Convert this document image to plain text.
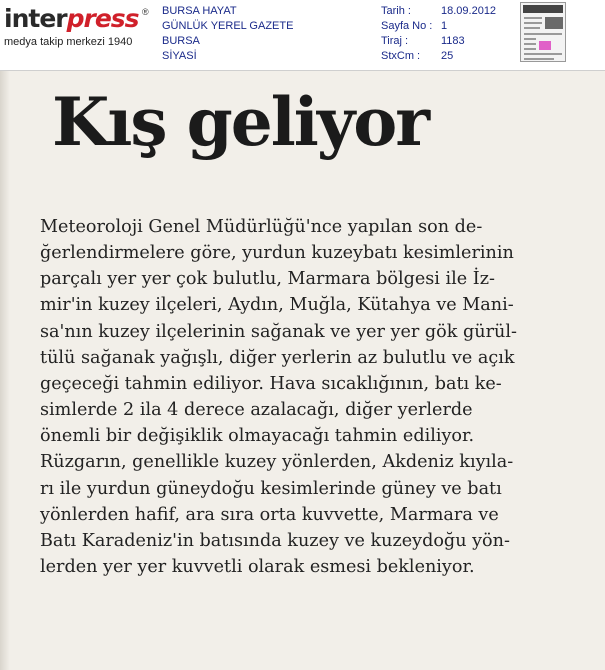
inter press ®
medya takip merkezi 1940
BURSA HAYAT
GÜNLÜK YEREL GAZETE
BURSA
SİYASİ
Tarih :	18.09.2012
Sayfa No : 1
Tiraj :	1183
StxCm :	25
Kış geliyor
Meteoroloji Genel Müdürlüğü'nce yapılan son de-
ğerlendirmelere göre, yurdun kuzeybatı kesimlerinin
parçalı yer yer çok bulutlu, Marmara bölgesi ile İz-
mir'in kuzey ilçeleri, Aydın, Muğla, Kütahya ve Mani-
sa'nın kuzey ilçelerinin sağanak ve yer yer gök gürül-
tülü sağanak yağışlı, diğer yerlerin az bulutlu ve açık
geçeceği tahmin ediliyor. Hava sıcaklığının, batı ke-
simlerde 2 ila 4 derece azalacağı, diğer yerlerde
önemli bir değişiklik olmayacağı tahmin ediliyor.
Rüzgarın, genellikle kuzey yönlerden, Akdeniz kıyıla-
rı ile yurdun güneydoğu kesimlerinde güney ve batı
yönlerden hafif, ara sıra orta kuvvette, Marmara ve
Batı Karadeniz'in batısında kuzey ve kuzeydoğu yön-
lerden yer yer kuvvetli olarak esmesi bekleniyor.
